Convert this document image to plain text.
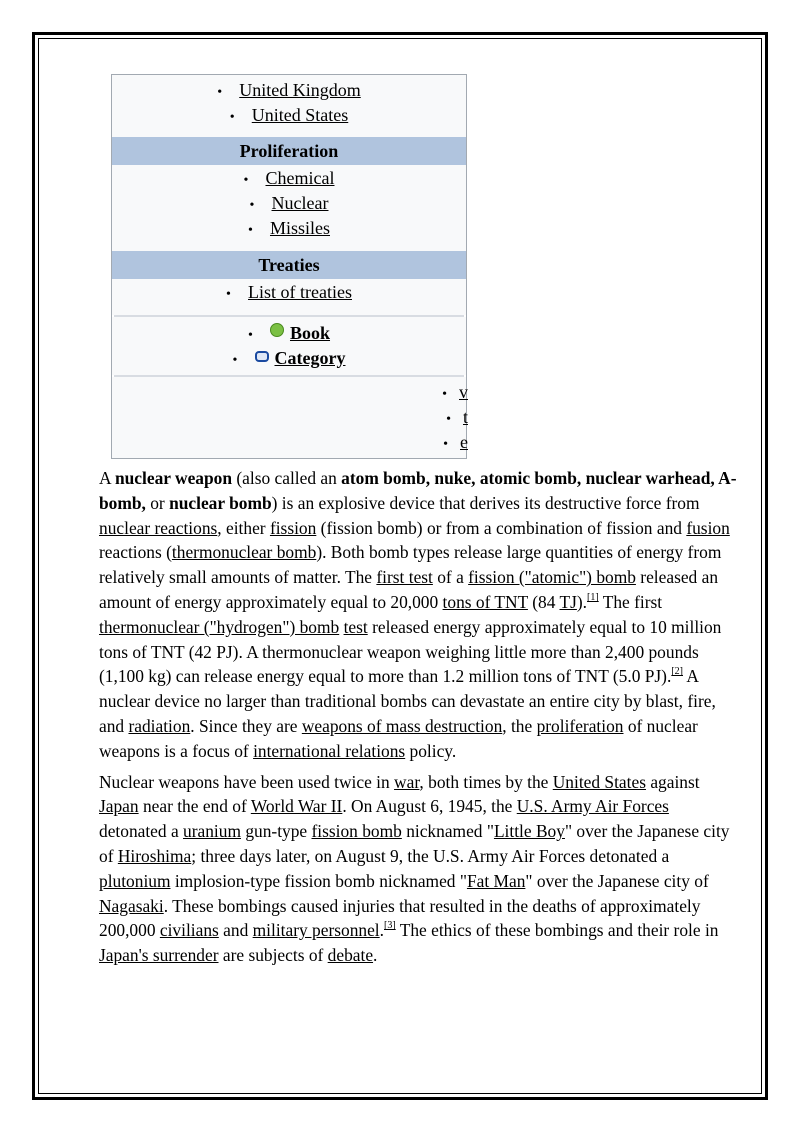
• United Kingdom
• United States
Proliferation
• Chemical
• Nuclear
• Missiles
Treaties
• List of treaties
• Book
• Category
• v
• t
• e

A nuclear weapon (also called an atom bomb, nuke, atomic bomb, nuclear warhead, A-bomb, or nuclear bomb) is an explosive device that derives its destructive force from nuclear reactions, either fission (fission bomb) or from a combination of fission and fusion reactions (thermonuclear bomb). Both bomb types release large quantities of energy from relatively small amounts of matter. The first test of a fission ("atomic") bomb released an amount of energy approximately equal to 20,000 tons of TNT (84 TJ).[1] The first thermonuclear ("hydrogen") bomb test released energy approximately equal to 10 million tons of TNT (42 PJ). A thermonuclear weapon weighing little more than 2,400 pounds (1,100 kg) can release energy equal to more than 1.2 million tons of TNT (5.0 PJ).[2] A nuclear device no larger than traditional bombs can devastate an entire city by blast, fire, and radiation. Since they are weapons of mass destruction, the proliferation of nuclear weapons is a focus of international relations policy.

Nuclear weapons have been used twice in war, both times by the United States against Japan near the end of World War II. On August 6, 1945, the U.S. Army Air Forces detonated a uranium gun-type fission bomb nicknamed "Little Boy" over the Japanese city of Hiroshima; three days later, on August 9, the U.S. Army Air Forces detonated a plutonium implosion-type fission bomb nicknamed "Fat Man" over the Japanese city of Nagasaki. These bombings caused injuries that resulted in the deaths of approximately 200,000 civilians and military personnel.[3] The ethics of these bombings and their role in Japan's surrender are subjects of debate.
